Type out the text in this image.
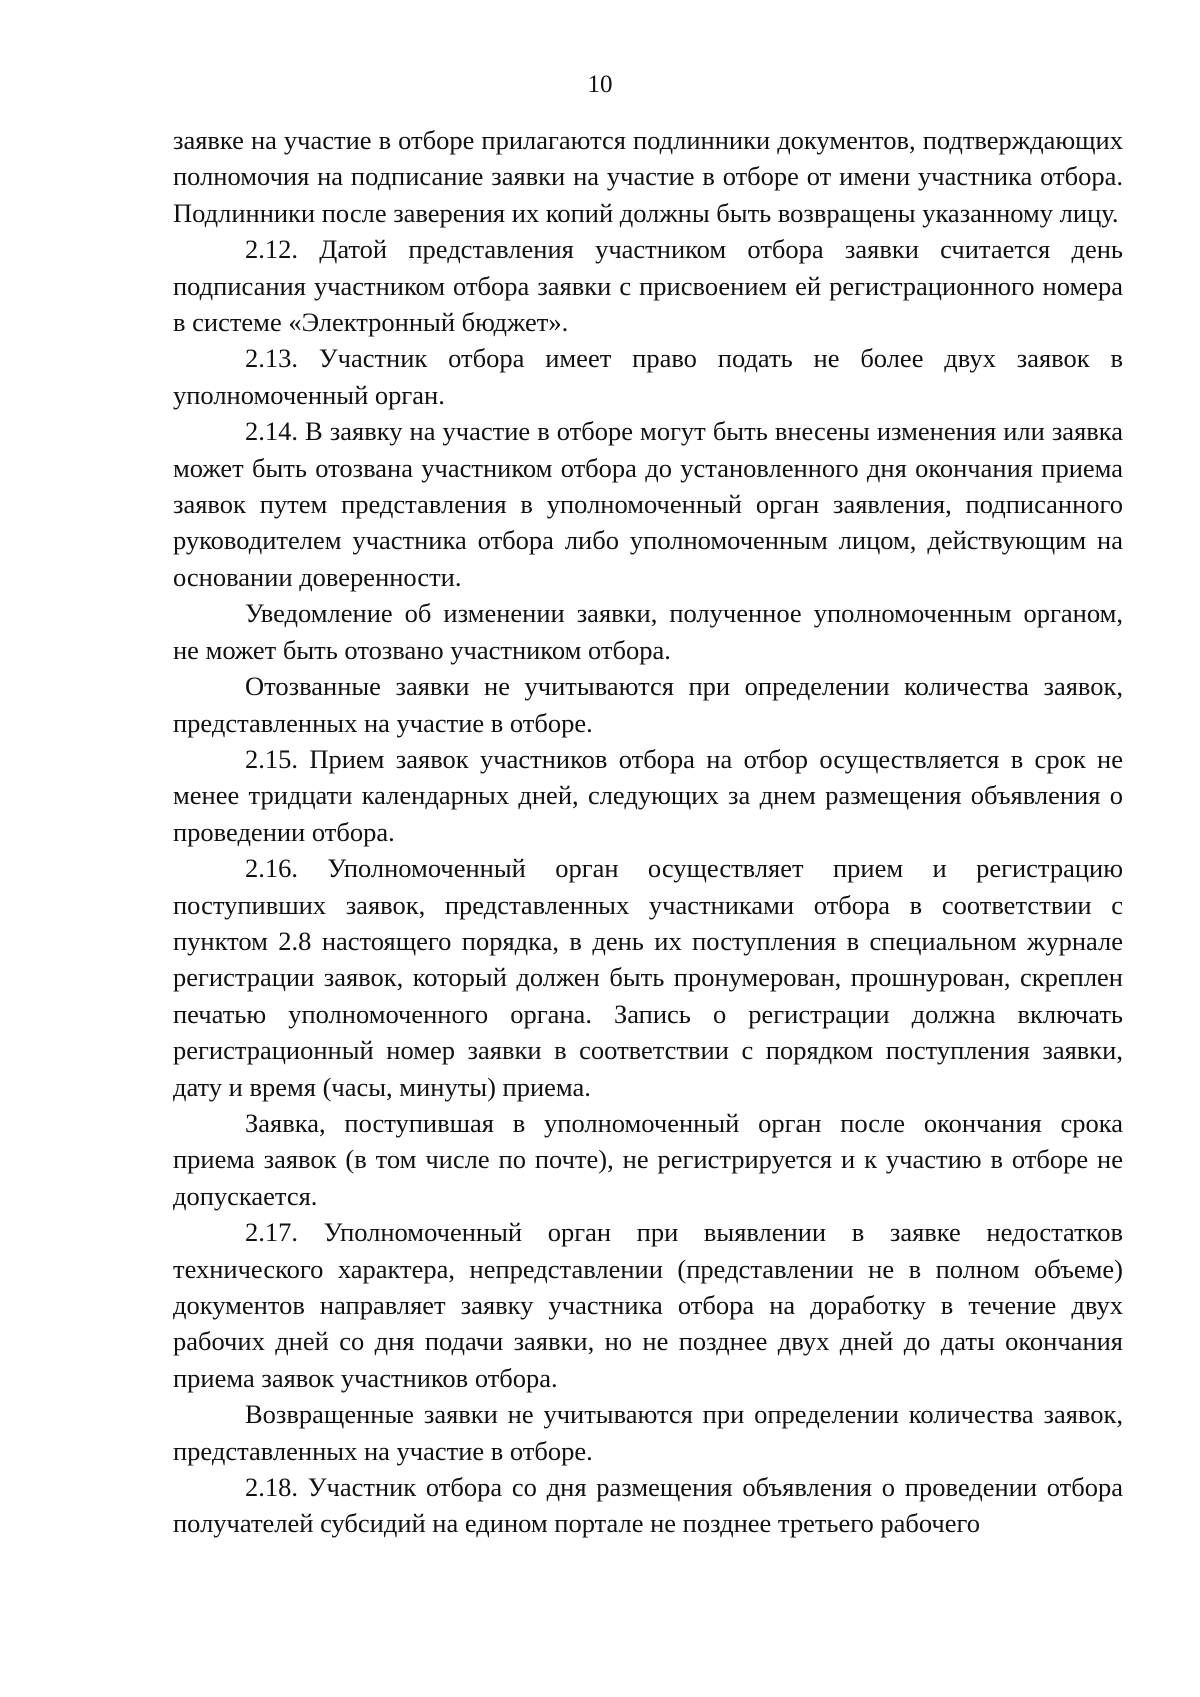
10

заявке на участие в отборе прилагаются подлинники документов, подтверждающих полномочия на подписание заявки на участие в отборе от имени участника отбора. Подлинники после заверения их копий должны быть возвращены указанному лицу.

2.12. Датой представления участником отбора заявки считается день подписания участником отбора заявки с присвоением ей регистрационного номера в системе «Электронный бюджет».

2.13. Участник отбора имеет право подать не более двух заявок в уполномоченный орган.

2.14. В заявку на участие в отборе могут быть внесены изменения или заявка может быть отозвана участником отбора до установленного дня окончания приема заявок путем представления в уполномоченный орган заявления, подписанного руководителем участника отбора либо уполномоченным лицом, действующим на основании доверенности.

Уведомление об изменении заявки, полученное уполномоченным органом, не может быть отозвано участником отбора.

Отозванные заявки не учитываются при определении количества заявок, представленных на участие в отборе.

2.15. Прием заявок участников отбора на отбор осуществляется в срок не менее тридцати календарных дней, следующих за днем размещения объявления о проведении отбора.

2.16. Уполномоченный орган осуществляет прием и регистрацию поступивших заявок, представленных участниками отбора в соответствии с пунктом 2.8 настоящего порядка, в день их поступления в специальном журнале регистрации заявок, который должен быть пронумерован, прошнурован, скреплен печатью уполномоченного органа. Запись о регистрации должна включать регистрационный номер заявки в соответствии с порядком поступления заявки, дату и время (часы, минуты) приема.

Заявка, поступившая в уполномоченный орган после окончания срока приема заявок (в том числе по почте), не регистрируется и к участию в отборе не допускается.

2.17. Уполномоченный орган при выявлении в заявке недостатков технического характера, непредставлении (представлении не в полном объеме) документов направляет заявку участника отбора на доработку в течение двух рабочих дней со дня подачи заявки, но не позднее двух дней до даты окончания приема заявок участников отбора.

Возвращенные заявки не учитываются при определении количества заявок, представленных на участие в отборе.

2.18. Участник отбора со дня размещения объявления о проведении отбора получателей субсидий на едином портале не позднее третьего рабочего
